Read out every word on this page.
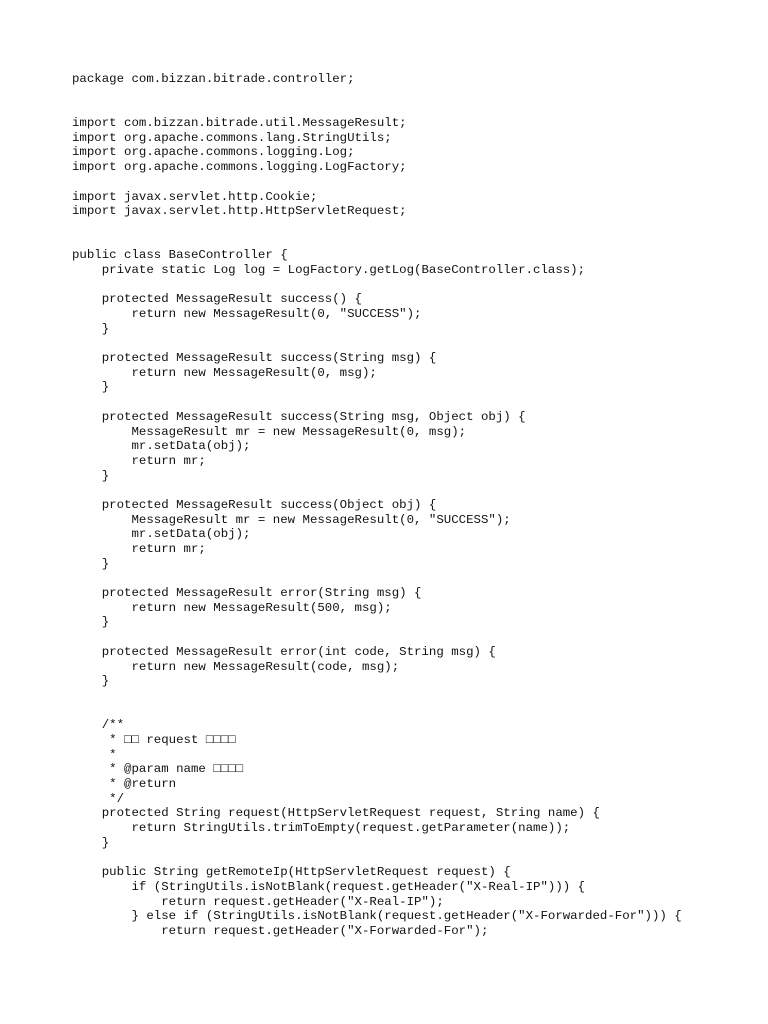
package com.bizzan.bitrade.controller;
import com.bizzan.bitrade.util.MessageResult;
import org.apache.commons.lang.StringUtils;
import org.apache.commons.logging.Log;
import org.apache.commons.logging.LogFactory;
import javax.servlet.http.Cookie;
import javax.servlet.http.HttpServletRequest;
public class BaseController {
private static Log log = LogFactory.getLog(BaseController.class);
protected MessageResult success() {
return new MessageResult(0, "SUCCESS");
}
protected MessageResult success(String msg) {
return new MessageResult(0, msg);
}
protected MessageResult success(String msg, Object obj) {
MessageResult mr = new MessageResult(0, msg);
mr.setData(obj);
return mr;
}
protected MessageResult success(Object obj) {
MessageResult mr = new MessageResult(0, "SUCCESS");
mr.setData(obj);
return mr;
}
protected MessageResult error(String msg) {
return new MessageResult(500, msg);
}
protected MessageResult error(int code, String msg) {
return new MessageResult(code, msg);
}
/**
* □□ request □□□□
*
* @param name □□□□
* @return
*/
protected String request(HttpServletRequest request, String name) {
return StringUtils.trimToEmpty(request.getParameter(name));
}
public String getRemoteIp(HttpServletRequest request) {
if (StringUtils.isNotBlank(request.getHeader("X-Real-IP"))) {
return request.getHeader("X-Real-IP");
} else if (StringUtils.isNotBlank(request.getHeader("X-Forwarded-For"))) {
return request.getHeader("X-Forwarded-For");
